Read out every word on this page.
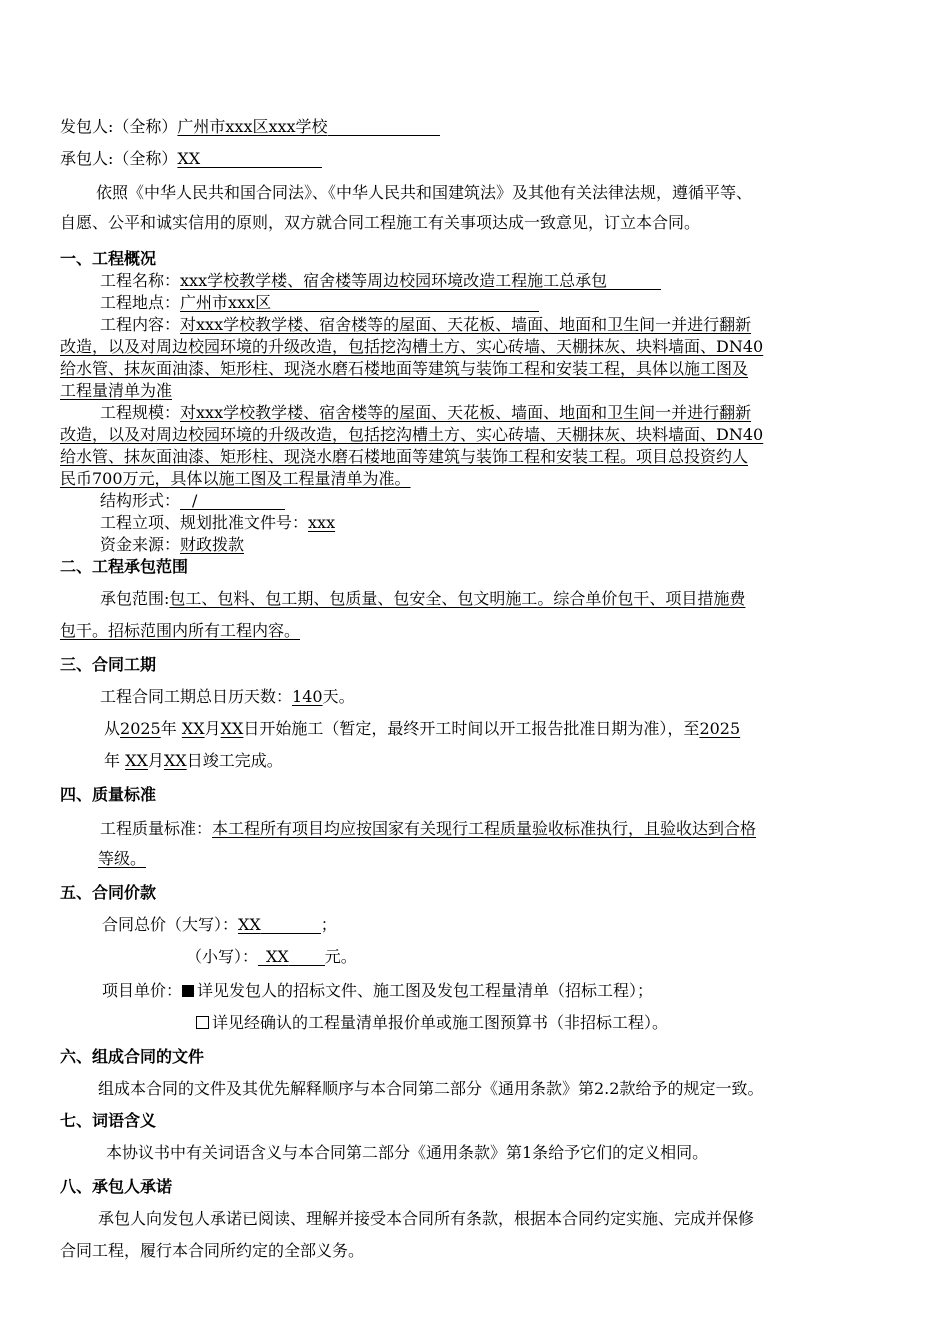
发包人:（全称）广州市xxx区xxx学校
承包人:（全称）XX
依照《中华人民共和国合同法》、《中华人民共和国建筑法》及其他有关法律法规，遵循平等、
自愿、公平和诚实信用的原则，双方就合同工程施工有关事项达成一致意见，订立本合同。
一、工程概况
工程名称：xxx学校教学楼、宿舍楼等周边校园环境改造工程施工总承包
工程地点：广州市xxx区
工程内容：对xxx学校教学楼、宿舍楼等的屋面、天花板、墙面、地面和卫生间一并进行翻新
改造，以及对周边校园环境的升级改造，包括挖沟槽土方、实心砖墙、天棚抹灰、块料墙面、DN40
给水管、抹灰面油漆、矩形柱、现浇水磨石楼地面等建筑与装饰工程和安装工程，具体以施工图及
工程量清单为准
工程规模：对xxx学校教学楼、宿舍楼等的屋面、天花板、墙面、地面和卫生间一并进行翻新
改造，以及对周边校园环境的升级改造，包括挖沟槽土方、实心砖墙、天棚抹灰、块料墙面、DN40
给水管、抹灰面油漆、矩形柱、现浇水磨石楼地面等建筑与装饰工程和安装工程。项目总投资约人
民币700万元，具体以施工图及工程量清单为准。
结构形式： /
工程立项、规划批准文件号：xxx
资金来源：财政拨款
二、工程承包范围
承包范围:包工、包料、包工期、包质量、包安全、包文明施工。综合单价包干、项目措施费
包干。招标范围内所有工程内容。
三、合同工期
工程合同工期总日历天数：140天。
从2025年 XX月XX日开始施工（暂定，最终开工时间以开工报告批准日期为准），至2025
年 XX月XX日竣工完成。
四、质量标准
工程质量标准：本工程所有项目均应按国家有关现行工程质量验收标准执行，且验收达到合格
等级。
五、合同价款
合同总价（大写）：XX	；
（小写）： XX 元。
项目单价： 详见发包人的招标文件、施工图及发包工程量清单（招标工程）；
详见经确认的工程量清单报价单或施工图预算书（非招标工程）。
六、组成合同的文件
组成本合同的文件及其优先解释顺序与本合同第二部分《通用条款》第2.2款给予的规定一致。
七、词语含义
本协议书中有关词语含义与本合同第二部分《通用条款》第1条给予它们的定义相同。
八、承包人承诺
承包人向发包人承诺已阅读、理解并接受本合同所有条款，根据本合同约定实施、完成并保修
合同工程，履行本合同所约定的全部义务。
